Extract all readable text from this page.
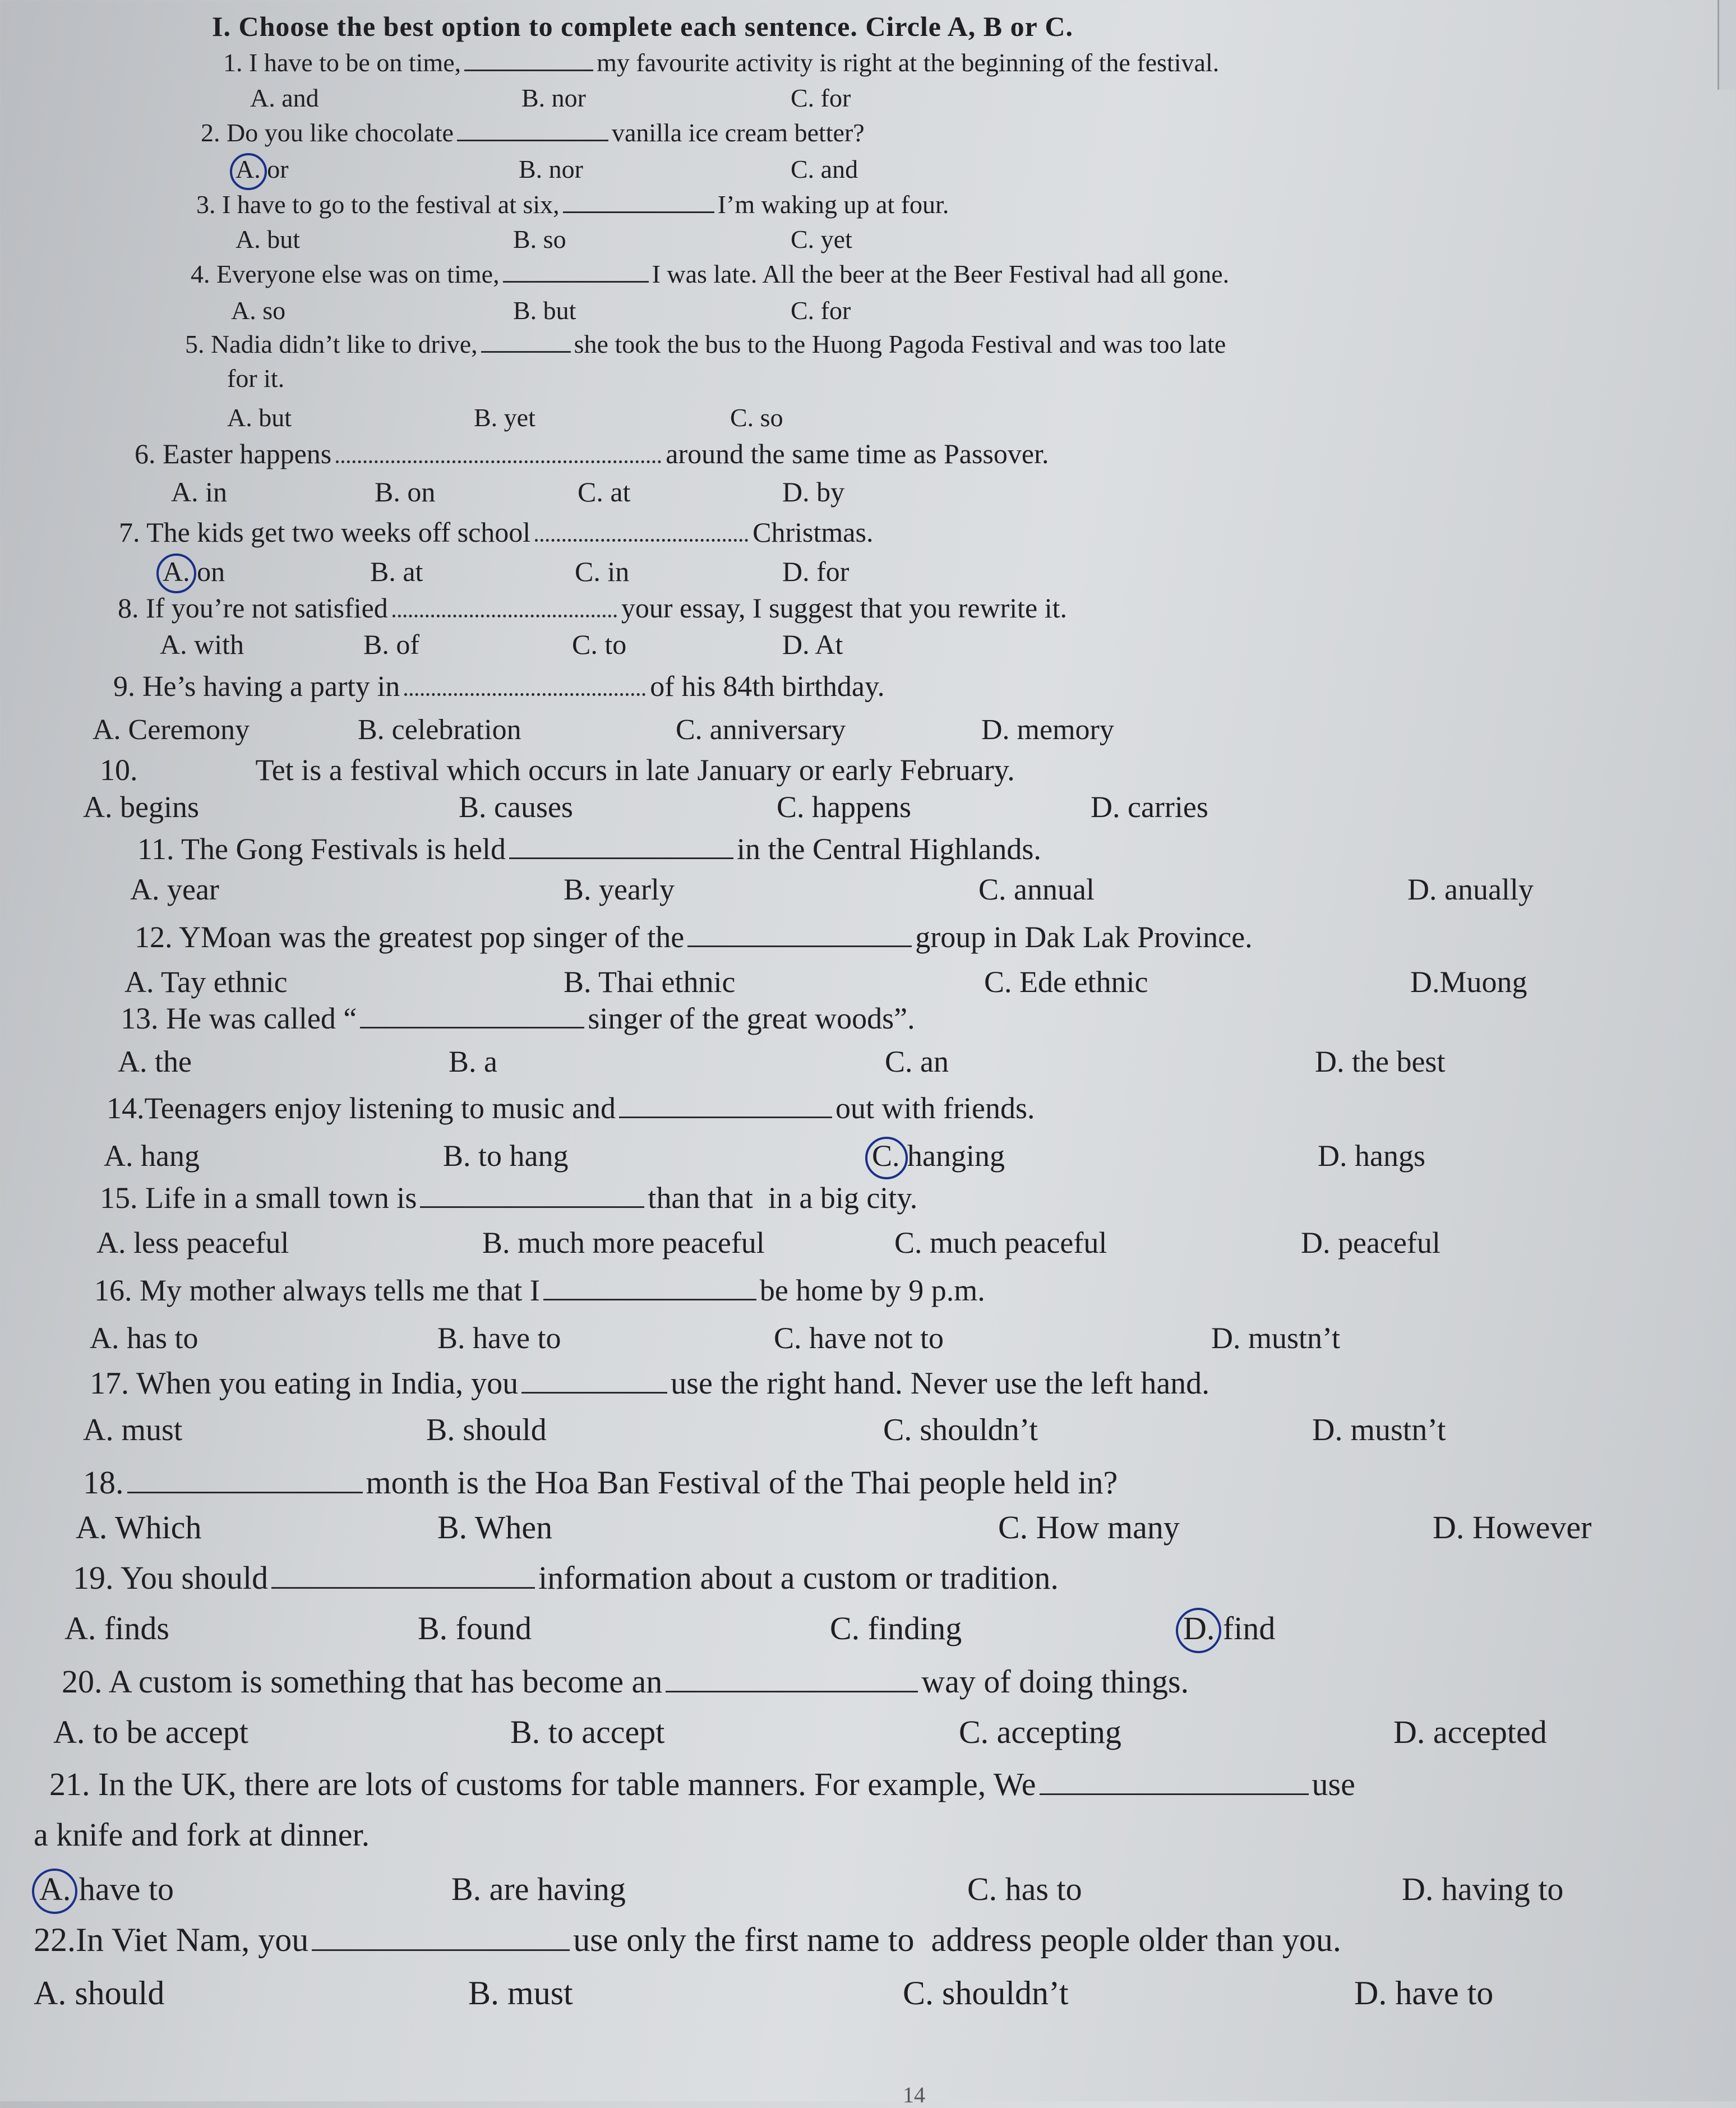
I. Choose the best option to complete each sentence. Circle A, B or C.
1. I have to be on time,	my favourite activity is right at the beginning of the festival.
A. and	B. nor	C. for
2. Do you like chocolate	vanilla ice cream better?
A. or	B. nor	C. and
3. I have to go to the festival at six,	I’m waking up at four.
A. but	B. so	C. yet
4. Everyone else was on time,	I was late. All the beer at the Beer Festival had all gone.
A. so	B. but	C. for
5. Nadia didn’t like to drive,	she took the bus to the Huong Pagoda Festival and was too late
for it.
A. but	B. yet	C. so
6. Easter happens	around the same time as Passover.
A. in	B. on	C. at	D. by
7. The kids get two weeks off school	Christmas.
A. on	B. at	C. in	D. for
8. If you’re not satisfied	your essay, I suggest that you rewrite it.
A. with	B. of	C. to	D. At
9. He’s having a party in	of his 84th birthday.
A. Ceremony	B. celebration	C. anniversary	D. memory
10.	Tet is a festival which occurs in late January or early February.
A. begins	B. causes	C. happens	D. carries
11. The Gong Festivals is held	in the Central Highlands.
A. year	B. yearly	C. annual	D. anually
12. YMoan was the greatest pop singer of the	group in Dak Lak Province.
A. Tay ethnic	B. Thai ethnic	C. Ede ethnic	D.Muong
13. He was called “	singer of the great woods”.
A. the	B. a	C. an	D. the best
14.Teenagers enjoy listening to music and	out with friends.
A. hang	B. to hang	C. hanging	D. hangs
15. Life in a small town is	than that  in a big city.
A. less peaceful	B. much more peaceful	C. much peaceful	D. peaceful
16. My mother always tells me that I	be home by 9 p.m.
A. has to	B. have to	C. have not to	D. mustn’t
17. When you eating in India, you	use the right hand. Never use the left hand.
A. must	B. should	C. shouldn’t	D. mustn’t
18.	month is the Hoa Ban Festival of the Thai people held in?
A. Which	B. When	C. How many	D. However
19. You should	information about a custom or tradition.
A. finds	B. found	C. finding	D. find
20. A custom is something that has become an	way of doing things.
A. to be accept	B. to accept	C. accepting	D. accepted
21. In the UK, there are lots of customs for table manners. For example, We	use
a knife and fork at dinner.
A. have to	B. are having	C. has to	D. having to
22.In Viet Nam, you	use only the first name to  address people older than you.
A. should	B. must	C. shouldn’t	D. have to
14
